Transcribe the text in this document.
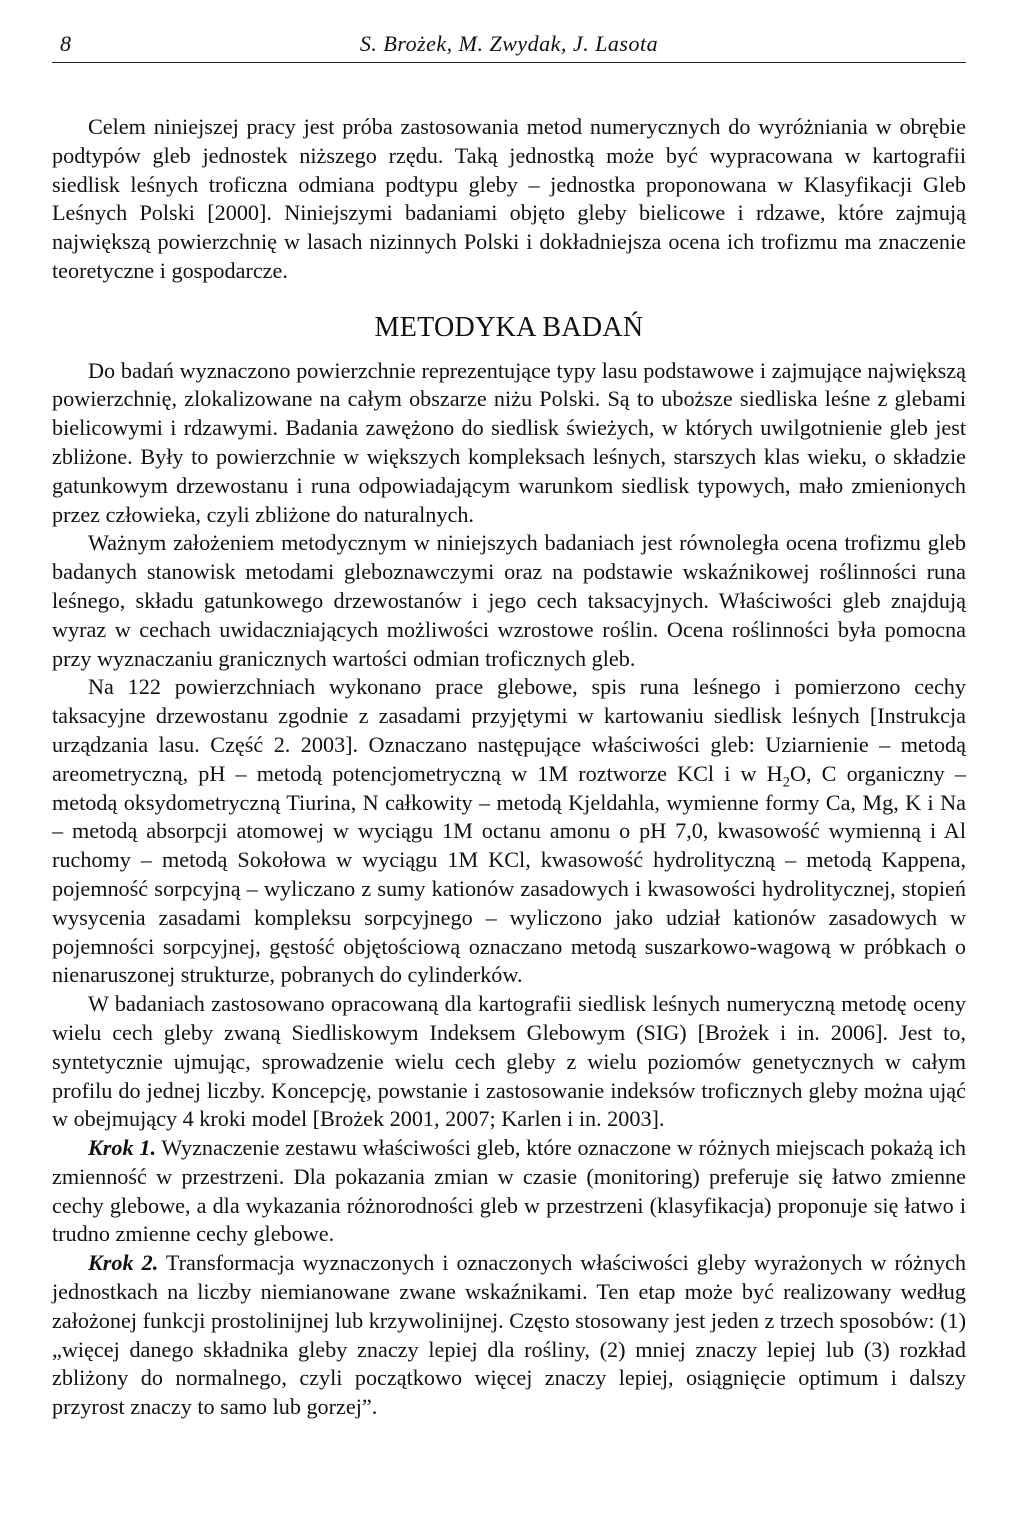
8	S. Brożek, M. Zwydak, J. Lasota

Celem niniejszej pracy jest próba zastosowania metod numerycznych do wyróżniania w obrębie podtypów gleb jednostek niższego rzędu. Taką jednostką może być wypracowana w kartografii siedlisk leśnych troficzna odmiana podtypu gleby – jednostka proponowana w Klasyfikacji Gleb Leśnych Polski [2000]. Niniejszymi badaniami objęto gleby bielicowe i rdzawe, które zajmują największą powierzchnię w lasach nizinnych Polski i dokładniejsza ocena ich trofizmu ma znaczenie teoretyczne i gospodarcze.

METODYKA BADAŃ

Do badań wyznaczono powierzchnie reprezentujące typy lasu podstawowe i zajmujące największą powierzchnię, zlokalizowane na całym obszarze niżu Polski. Są to uboższe siedliska leśne z glebami bielicowymi i rdzawymi. Badania zawężono do siedlisk świeżych, w których uwilgotnienie gleb jest zbliżone. Były to powierzchnie w większych kompleksach leśnych, starszych klas wieku, o składzie gatunkowym drzewostanu i runa odpowiadającym warunkom siedlisk typowych, mało zmienionych przez człowieka, czyli zbliżone do naturalnych.

Ważnym założeniem metodycznym w niniejszych badaniach jest równoległa ocena trofizmu gleb badanych stanowisk metodami gleboznawczymi oraz na podstawie wskaźnikowej roślinności runa leśnego, składu gatunkowego drzewostanów i jego cech taksacyjnych. Właściwości gleb znajdują wyraz w cechach uwidaczniających możliwości wzrostowe roślin. Ocena roślinności była pomocna przy wyznaczaniu granicznych wartości odmian troficznych gleb.

Na 122 powierzchniach wykonano prace glebowe, spis runa leśnego i pomierzono cechy taksacyjne drzewostanu zgodnie z zasadami przyjętymi w kartowaniu siedlisk leśnych [Instrukcja urządzania lasu. Część 2. 2003]. Oznaczano następujące właściwości gleb: Uziarnienie – metodą areometryczną, pH – metodą potencjometryczną w 1M roztworze KCl i w $H_2O$, C organiczny – metodą oksydometryczną Tiurina, N całkowity – metodą Kjeldahla, wymienne formy Ca, Mg, K i Na – metodą absorpcji atomowej w wyciągu 1M octanu amonu o pH 7,0, kwasowość wymienną i Al ruchomy – metodą Sokołowa w wyciągu 1M KCl, kwasowość hydrolityczną – metodą Kappena, pojemność sorpcyjną – wyliczano z sumy kationów zasadowych i kwasowości hydrolitycznej, stopień wysycenia zasadami kompleksu sorpcyjnego – wyliczono jako udział kationów zasadowych w pojemności sorpcyjnej, gęstość objętościową oznaczano metodą suszarkowo-wagową w próbkach o nienaruszonej strukturze, pobranych do cylinderków.

W badaniach zastosowano opracowaną dla kartografii siedlisk leśnych numeryczną metodę oceny wielu cech gleby zwaną Siedliskowym Indeksem Glebowym (SIG) [Brożek i in. 2006]. Jest to, syntetycznie ujmując, sprowadzenie wielu cech gleby z wielu poziomów genetycznych w całym profilu do jednej liczby. Koncepcję, powstanie i zastosowanie indeksów troficznych gleby można ująć w obejmujący 4 kroki model [Brożek 2001, 2007; Karlen i in. 2003].

Krok 1. Wyznaczenie zestawu właściwości gleb, które oznaczone w różnych miejscach pokażą ich zmienność w przestrzeni. Dla pokazania zmian w czasie (monitoring) preferuje się łatwo zmienne cechy glebowe, a dla wykazania różnorodności gleb w przestrzeni (klasyfikacja) proponuje się łatwo i trudno zmienne cechy glebowe.

Krok 2. Transformacja wyznaczonych i oznaczonych właściwości gleby wyrażonych w różnych jednostkach na liczby niemianowane zwane wskaźnikami. Ten etap może być realizowany według założonej funkcji prostolinijnej lub krzywolinijnej. Często stosowany jest jeden z trzech sposobów: (1) „więcej danego składnika gleby znaczy lepiej dla rośliny, (2) mniej znaczy lepiej lub (3) rozkład zbliżony do normalnego, czyli początkowo więcej znaczy lepiej, osiągnięcie optimum i dalszy przyrost znaczy to samo lub gorzej”.
